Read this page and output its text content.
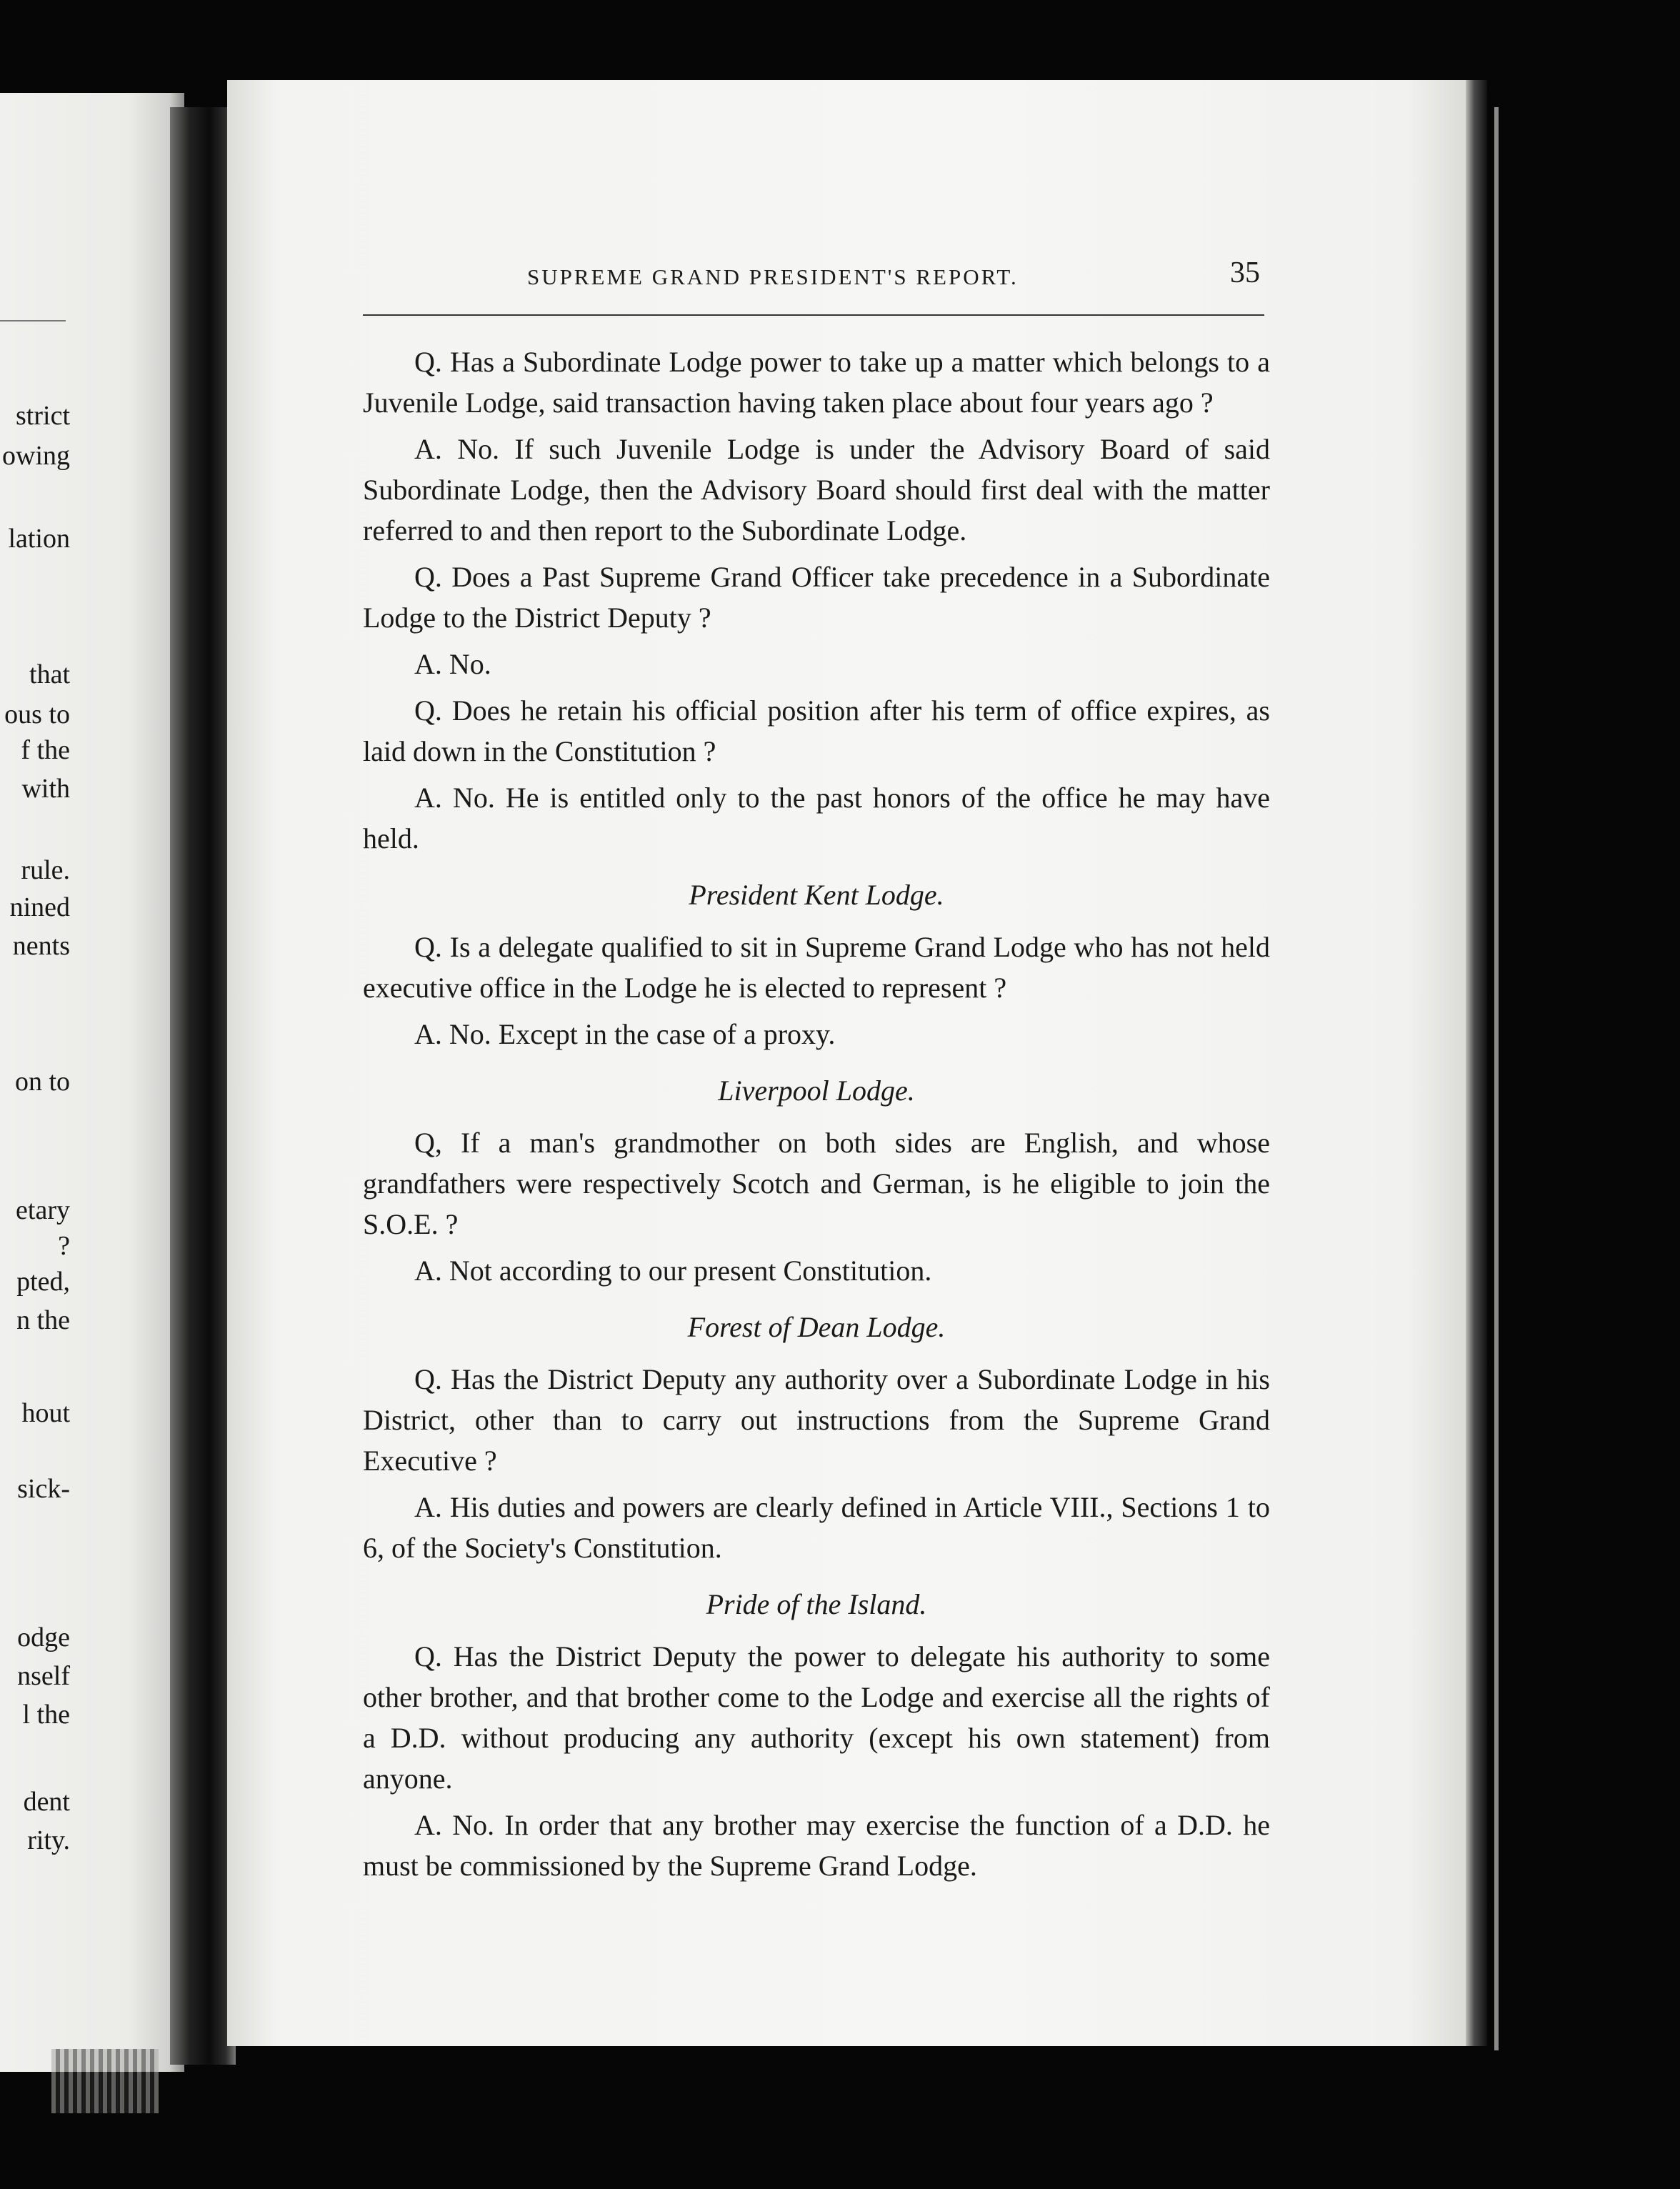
strict
owing
lation
that
ous to
f the
with
rule.
nined
nents
on to
etary
?
pted,
n the
hout
sick-
odge
nself
l the
dent
rity.
SUPREME GRAND PRESIDENT'S REPORT.	35

Q. Has a Subordinate Lodge power to take up a matter which belongs to a Juvenile Lodge, said transaction having taken place about four years ago ?

A. No. If such Juvenile Lodge is under the Advisory Board of said Subordinate Lodge, then the Advisory Board should first deal with the matter referred to and then report to the Subordinate Lodge.

Q. Does a Past Supreme Grand Officer take precedence in a Subordinate Lodge to the District Deputy ?

A. No.

Q. Does he retain his official position after his term of office expires, as laid down in the Constitution ?

A. No. He is entitled only to the past honors of the office he may have held.

President Kent Lodge.

Q. Is a delegate qualified to sit in Supreme Grand Lodge who has not held executive office in the Lodge he is elected to represent ?

A. No. Except in the case of a proxy.

Liverpool Lodge.

Q, If a man's grandmother on both sides are English, and whose grandfathers were respectively Scotch and German, is he eligible to join the S.O.E. ?

A. Not according to our present Constitution.

Forest of Dean Lodge.

Q. Has the District Deputy any authority over a Subordinate Lodge in his District, other than to carry out instructions from the Supreme Grand Executive ?

A. His duties and powers are clearly defined in Article VIII., Sections 1 to 6, of the Society's Constitution.

Pride of the Island.

Q. Has the District Deputy the power to delegate his authority to some other brother, and that brother come to the Lodge and exercise all the rights of a D.D. without producing any authority (except his own statement) from anyone.

A. No. In order that any brother may exercise the function of a D.D. he must be commissioned by the Supreme Grand Lodge.
